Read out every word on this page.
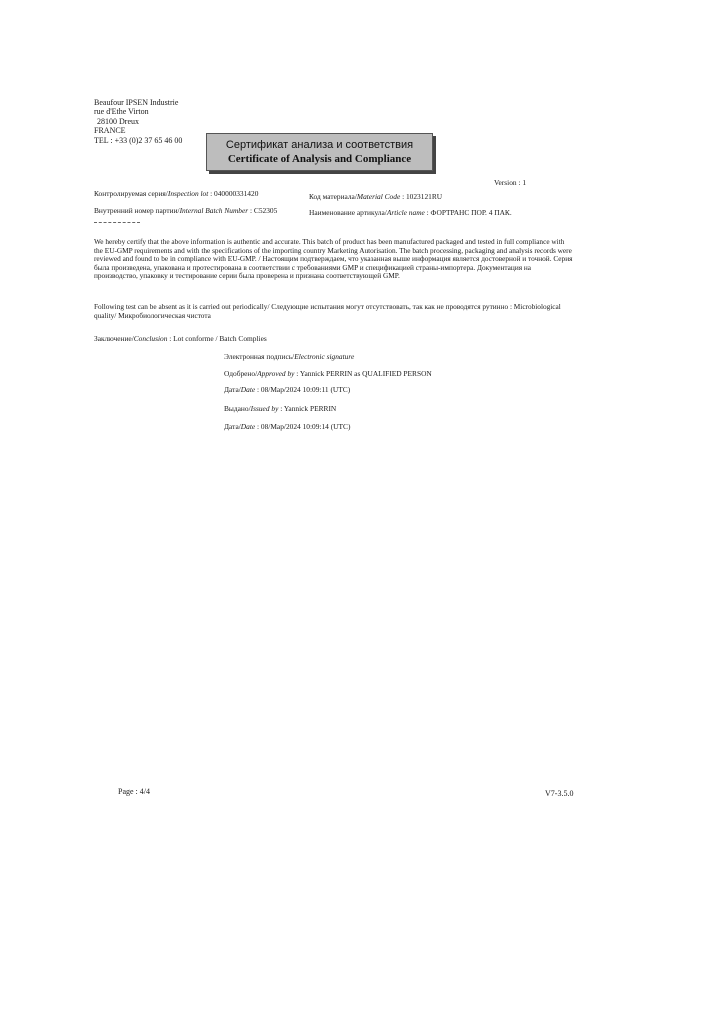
Beaufour IPSEN Industrie
rue d'Ethe Virton
28100 Dreux
FRANCE
TEL : +33 (0)2 37 65 46 00	Сертификат анализа и соответствия
Certificate of Analysis and Compliance
Version : 1
Контролируемая серия/Inspection lot : 040000331420	Код материала/Material Code : 1023121RU
Внутренний номер партии/Internal Batch Number : C52305	Наименование артикула/Article name : ФОРТРАНС ПОР. 4 ПАК.
We hereby certify that the above information is authentic and accurate. This batch of product has been manufactured packaged and tested in full compliance with the EU-GMP requirements and with the specifications of the importing country Marketing Autorisation. The batch processing, packaging and analysis records were reviewed and found to be in compliance with EU-GMP. / Настоящим подтверждаем, что указанная выше информация является достоверной и точной. Серия была произведена, упакована и протестирована в соответствии с требованиями GMP и спецификацией страны-импортера. Документация на производство, упаковку и тестирование серии была проверена и признана соответствующей GMP.
Following test can be absent as it is carried out periodically/ Следующие испытания могут отсутствовать, так как не проводятся рутинно : Microbiological quality/ Микробиологическая чистота
Заключение/Conclusion : Lot conforme / Batch Complies
Электронная подпись/Electronic signature
Одобрено/Approved by : Yannick PERRIN as QUALIFIED PERSON
Дата/Date : 08/Мар/2024 10:09:11 (UTC)
Выдано/Issued by : Yannick PERRIN
Дата/Date : 08/Мар/2024 10:09:14 (UTC)
Page : 4/4	V7-3.5.0
